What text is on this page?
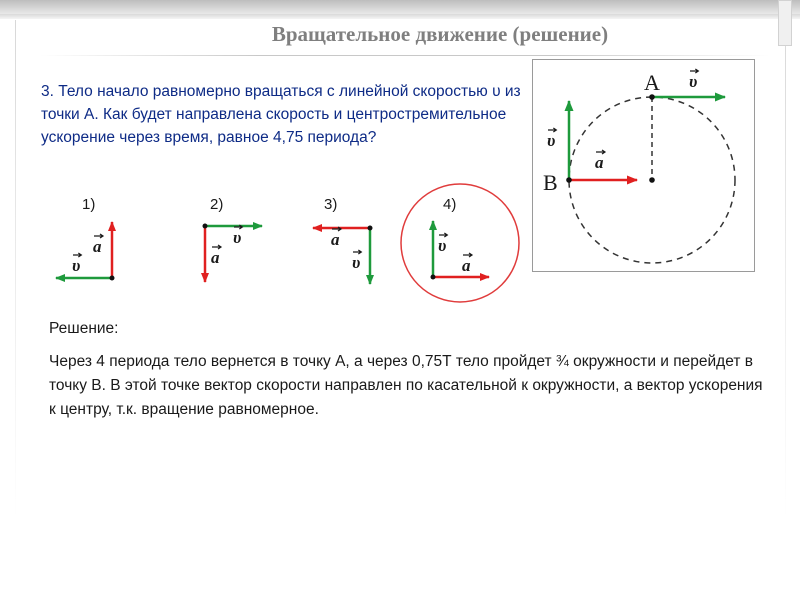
Вращательное движение (решение)

3. Тело начало равномерно вращаться с линейной скоростью υ из точки А. Как будет направлена скорость и центростремительное ускорение через время, равное 4,75 периода?

1)	2)	3)	4)
υ
a	υ
a
a
υ
υ
a
A
B
υ
υ
a

Решение:

Через 4 периода тело вернется в точку А, а через 0,75Т тело пройдет ¾ окружности и перейдет в точку В. В этой точке вектор скорости направлен по касательной к окружности, а вектор ускорения к центру, т.к. вращение равномерное.
